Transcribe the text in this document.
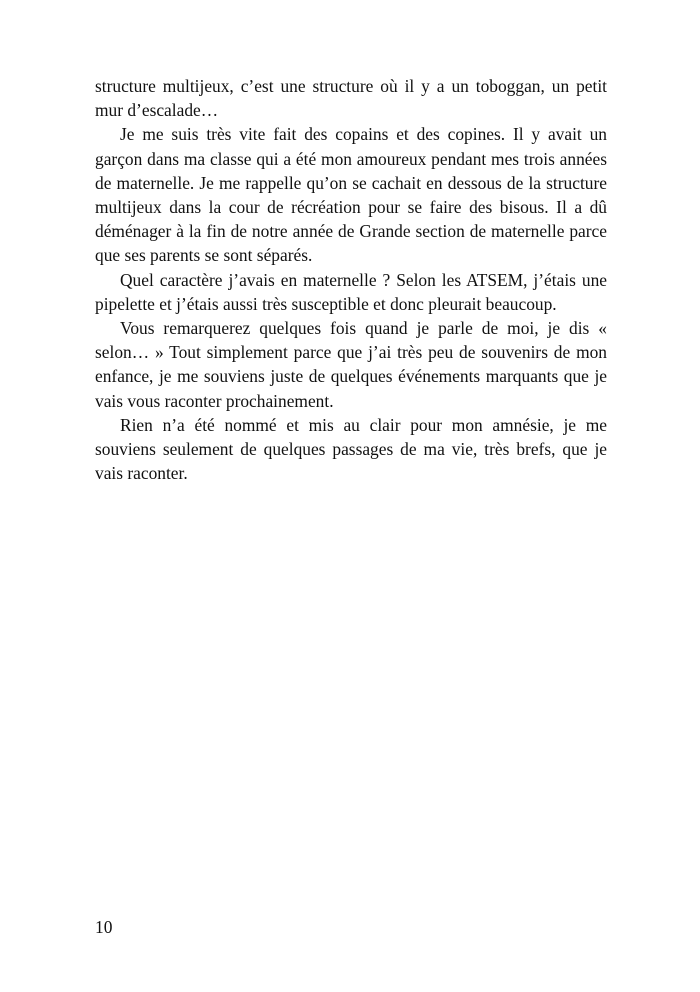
structure multijeux, c’est une structure où il y a un toboggan, un petit mur d’escalade…

Je me suis très vite fait des copains et des copines. Il y avait un garçon dans ma classe qui a été mon amoureux pendant mes trois années de maternelle. Je me rappelle qu’on se cachait en dessous de la structure multijeux dans la cour de récréation pour se faire des bisous. Il a dû déménager à la fin de notre année de Grande section de maternelle parce que ses parents se sont séparés.

Quel caractère j’avais en maternelle ? Selon les ATSEM, j’étais une pipelette et j’étais aussi très susceptible et donc pleurait beaucoup.

Vous remarquerez quelques fois quand je parle de moi, je dis « selon… » Tout simplement parce que j’ai très peu de souvenirs de mon enfance, je me souviens juste de quelques événements marquants que je vais vous raconter prochainement.

Rien n’a été nommé et mis au clair pour mon amnésie, je me souviens seulement de quelques passages de ma vie, très brefs, que je vais raconter.

10
